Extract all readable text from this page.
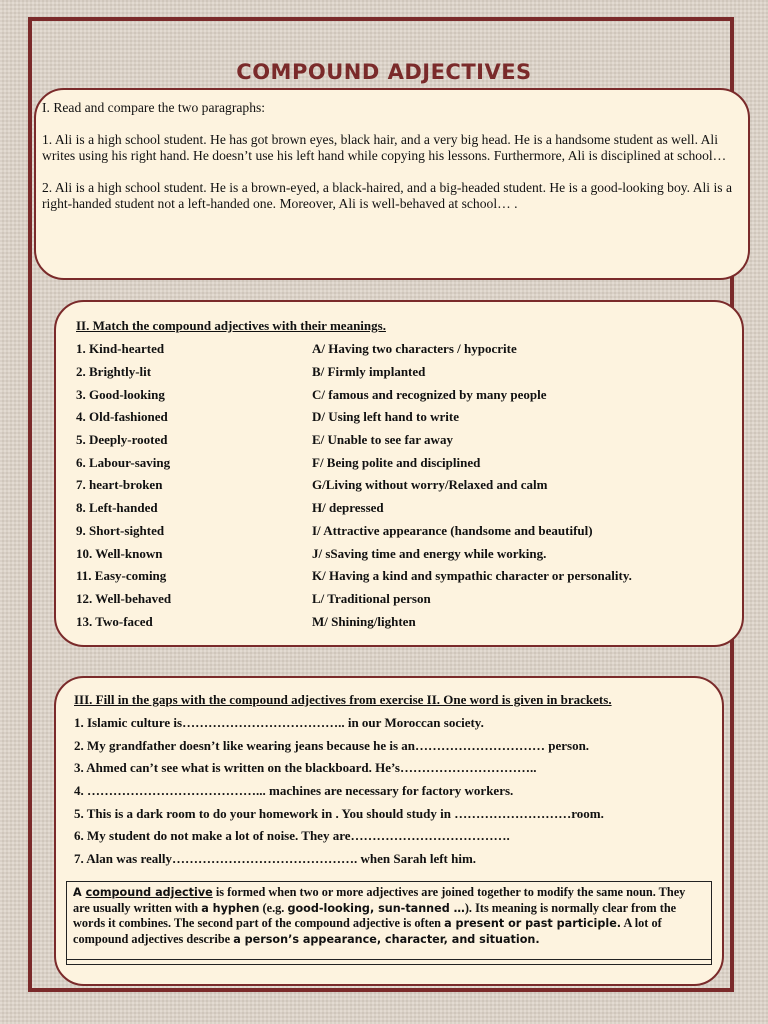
COMPOUND ADJECTIVES

I. Read and compare the two paragraphs:

1. Ali is a high school student. He has got brown eyes, black hair, and a very big head. He is a handsome student as well. Ali writes using his right hand. He doesn’t use his left hand while copying his lessons. Furthermore, Ali is disciplined at school…

2. Ali is a high school student. He is a brown-eyed, a black-haired, and a big-headed student. He is a good-looking boy. Ali is a right-handed student not a left-handed one. Moreover, Ali is well-behaved at school… .

II. Match the compound adjectives with their meanings.

1. Kind-hearted	A/ Having two characters / hypocrite
2. Brightly-lit	B/ Firmly implanted
3. Good-looking	C/ famous and recognized by many people
4. Old-fashioned	D/ Using left hand to write
5. Deeply-rooted	E/ Unable to see far away
6. Labour-saving	F/ Being polite and disciplined
7. heart-broken	G/Living without worry/Relaxed and calm
8. Left-handed	H/ depressed
9. Short-sighted	I/ Attractive appearance (handsome and beautiful)
10. Well-known	J/ sSaving time and energy while working.
11. Easy-coming	K/ Having a kind and sympathic character or personality.
12. Well-behaved	L/ Traditional person
13. Two-faced	M/ Shining/lighten

III. Fill in the gaps with the compound adjectives from exercise II. One word is given in brackets.

1. Islamic culture is……………………………….. in our Moroccan society.
2. My grandfather doesn’t like wearing jeans because he is an………………………… person.
3. Ahmed can’t see what is written on the blackboard. He’s…………………………..
4. …………………………………... machines are necessary for factory workers.
5. This is a dark room to do your homework in . You should study in ………………………room.
6. My student do not make a lot of noise. They are……………………………….
7. Alan was really……………………………………. when Sarah left him.
A compound adjective is formed when two or more adjectives are joined together to modify the same noun. They are usually written with a hyphen (e.g. good-looking, sun-tanned …). Its meaning is normally clear from the words it combines. The second part of the compound adjective is often a present or past participle. A lot of compound adjectives describe a person’s appearance, character, and situation.
